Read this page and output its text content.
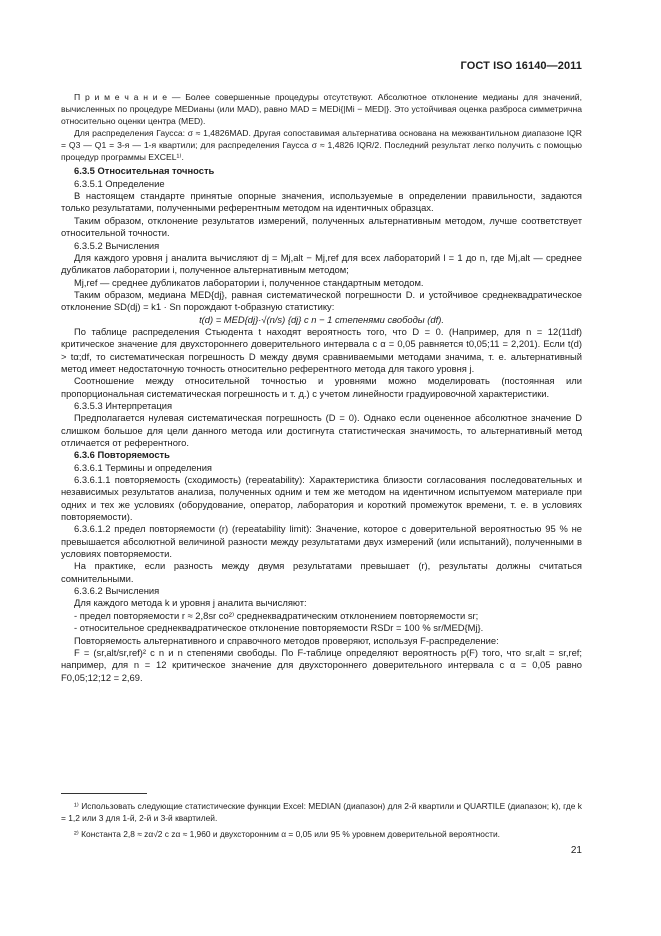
ГОСТ ISO 16140—2011

П р и м е ч а н и е — Более совершенные процедуры отсутствуют. Абсолютное отклонение медианы для значений, вычисленных по процедуре MEDианы (или MAD), равно MAD = MEDi{|Mi − MED|}. Это устойчивая оценка разброса симметрична относительно оценки центра (MED).

Для распределения Гаусса: σ ≈ 1,4826MAD. Другая сопоставимая альтернатива основана на межквантильном диапазоне IQR = Q3 — Q1 = 3-я — 1-я квартили; для распределения Гаусса σ ≈ 1,4826 IQR/2. Последний результат легко получить с помощью процедур программы EXCEL¹⁾.

6.3.5 Относительная точность

6.3.5.1 Определение

В настоящем стандарте принятые опорные значения, используемые в определении правильности, задаются только результатами, полученными референтным методом на идентичных образцах.

Таким образом, отклонение результатов измерений, полученных альтернативным методом, лучше соответствует относительной точности.

6.3.5.2 Вычисления

Для каждого уровня j аналита вычисляют dj = Mj,alt − Mj,ref для всех лабораторий l = 1 до n, где Mj,alt — среднее дубликатов лаборатории i, полученное альтернативным методом;

Mj,ref — среднее дубликатов лаборатории i, полученное стандартным методом.

Таким образом, медиана MED{dj}, равная систематической погрешности D. и устойчивое среднеквадратическое отклонение SD(dj) = k1 · Sn порождают t-образную статистику:

t(d) = MED{dj}·√(n/s) {dj} с n − 1 степенями свободы (df).

По таблице распределения Стьюдента t находят вероятность того, что D = 0. (Например, для n = 12(11df) критическое значение для двухстороннего доверительного интервала с α = 0,05 равняется t0,05;11 = 2,201). Если t(d) > tα;df, то систематическая погрешность D между двумя сравниваемыми методами значима, т. е. альтернативный метод имеет недостаточную точность относительно референтного метода для такого уровня j.

Соотношение между относительной точностью и уровнями можно моделировать (постоянная или пропорциональная систематическая погрешность и т. д.) с учетом линейности градуировочной характеристики.

6.3.5.3 Интерпретация

Предполагается нулевая систематическая погрешность (D = 0). Однако если оцененное абсолютное значение D слишком большое для цели данного метода или достигнута статистическая значимость, то альтернативный метод отличается от референтного.

6.3.6 Повторяемость

6.3.6.1 Термины и определения

6.3.6.1.1 повторяемость (сходимость) (repeatability): Характеристика близости согласования последовательных и независимых результатов анализа, полученных одним и тем же методом на идентичном испытуемом материале при одних и тех же условиях (оборудование, оператор, лаборатория и короткий промежуток времени, т. е. в условиях повторяемости).

6.3.6.1.2 предел повторяемости (r) (repeatability limit): Значение, которое с доверительной вероятностью 95 % не превышается абсолютной величиной разности между результатами двух измерений (или испытаний), полученными в условиях повторяемости.

На практике, если разность между двумя результатами превышает (r), результаты должны считаться сомнительными.

6.3.6.2 Вычисления

Для каждого метода k и уровня j аналита вычисляют:

- предел повторяемости r ≈ 2,8sr со²⁾ среднеквадратическим отклонением повторяемости sr;

- относительное среднеквадратическое отклонение повторяемости RSDr = 100 % sr/MED{Mj}.

Повторяемость альтернативного и справочного методов проверяют, используя F-распределение:

F = (sr,alt/sr,ref)² с n и n степенями свободы. По F-таблице определяют вероятность p(F) того, что sr,alt = sr,ref; например, для n = 12 критическое значение для двухстороннего доверительного интервала с α = 0,05 равно F0,05;12;12 = 2,69.

¹⁾ Использовать следующие статистические функции Excel: MEDIAN (диапазон) для 2-й квартили и QUARTILE (диапазон; k), где k = 1,2 или 3 для 1-й, 2-й и 3-й квартилей.

²⁾ Константа 2,8 ≈ zα√2 с zα ≈ 1,960 и двухсторонним α = 0,05 или 95 % уровнем доверительной вероятности.

21
